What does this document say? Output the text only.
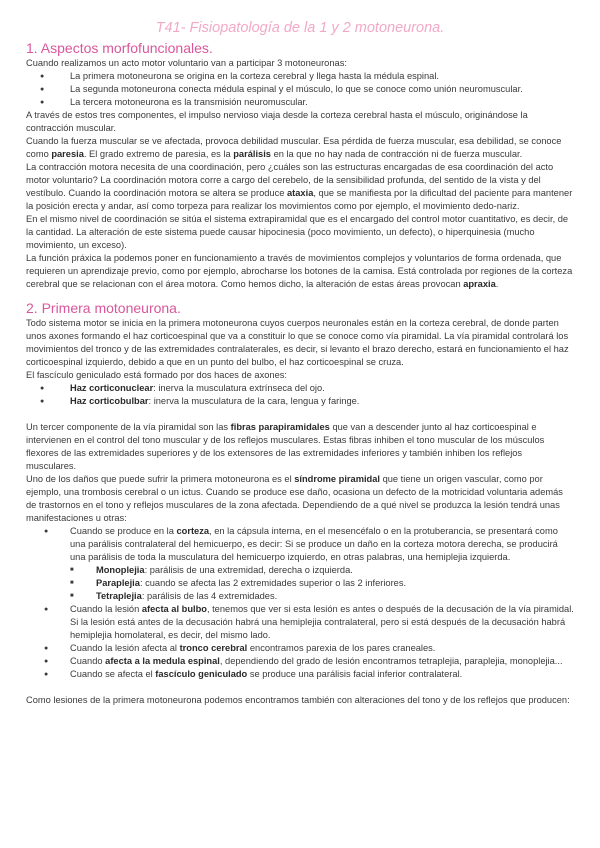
T41- Fisiopatología de la 1 y 2 motoneurona.
1. Aspectos morfofuncionales.

Cuando realizamos un acto motor voluntario van a participar 3 motoneuronas:

● La primera motoneurona se origina en la corteza cerebral y llega hasta la médula espinal.
● La segunda motoneurona conecta médula espinal y el músculo, lo que se conoce como unión neuromuscular.
● La tercera motoneurona es la transmisión neuromuscular.

A través de estos tres componentes, el impulso nervioso viaja desde la corteza cerebral hasta el músculo, originándose la contracción muscular.

Cuando la fuerza muscular se ve afectada, provoca debilidad muscular. Esa pérdida de fuerza muscular, esa debilidad, se conoce como paresia. El grado extremo de paresia, es la parálisis en la que no hay nada de contracción ni de fuerza muscular.

La contracción motora necesita de una coordinación, pero ¿cuáles son las estructuras encargadas de esa coordinación del acto motor voluntario? La coordinación motora corre a cargo del cerebelo, de la sensibilidad profunda, del sentido de la vista y del vestíbulo. Cuando la coordinación motora se altera se produce ataxia, que se manifiesta por la dificultad del paciente para mantener la posición erecta y andar, así como torpeza para realizar los movimientos como por ejemplo, el movimiento dedo-nariz.

En el mismo nivel de coordinación se sitúa el sistema extrapiramidal que es el encargado del control motor cuantitativo, es decir, de la cantidad. La alteración de este sistema puede causar hipocinesia (poco movimiento, un defecto), o hiperquinesia (mucho movimiento, un exceso).

La función práxica la podemos poner en funcionamiento a través de movimientos complejos y voluntarios de forma ordenada, que requieren un aprendizaje previo, como por ejemplo, abrocharse los botones de la camisa. Está controlada por regiones de la corteza cerebral que se relacionan con el área motora. Como hemos dicho, la alteración de estas áreas provocan apraxia.

2. Primera motoneurona.

Todo sistema motor se inicia en la primera motoneurona cuyos cuerpos neuronales están en la corteza cerebral, de donde parten unos axones formando el haz corticoespinal que va a constituir lo que se conoce como vía piramidal. La vía piramidal controlará los movimientos del tronco y de las extremidades contralaterales, es decir, si levanto el brazo derecho, estará en funcionamiento el haz corticoespinal izquierdo, debido a que en un punto del bulbo, el haz corticoespinal se cruza.

El fascículo geniculado está formado por dos haces de axones:

● Haz corticonuclear: inerva la musculatura extrínseca del ojo.
● Haz corticobulbar: inerva la musculatura de la cara, lengua y faringe.

Un tercer componente de la vía piramidal son las fibras parapiramidales que van a descender junto al haz corticoespinal e intervienen en el control del tono muscular y de los reflejos musculares. Estas fibras inhiben el tono muscular de los músculos flexores de las extremidades superiores y de los extensores de las extremidades inferiores y también inhiben los reflejos musculares.

Uno de los daños que puede sufrir la primera motoneurona es el síndrome piramidal que tiene un origen vascular, como por ejemplo, una trombosis cerebral o un ictus. Cuando se produce ese daño, ocasiona un defecto de la motricidad voluntaria además de trastornos en el tono y reflejos musculares de la zona afectada. Dependiendo de a qué nivel se produzca la lesión tendrá unas manifestaciones u otras:

● Cuando se produce en la corteza, en la cápsula interna, en el mesencéfalo o en la protuberancia, se presentará como una parálisis contralateral del hemicuerpo, es decir: Si se produce un daño en la corteza motora derecha, se producirá una parálisis de toda la musculatura del hemicuerpo izquierdo, en otras palabras, una hemiplejia izquierda.
■ Monoplejia: parálisis de una extremidad, derecha o izquierda.
■ Paraplejia: cuando se afecta las 2 extremidades superior o las 2 inferiores.
■ Tetraplejia: parálisis de las 4 extremidades.
● Cuando la lesión afecta al bulbo, tenemos que ver si esta lesión es antes o después de la decusación de la vía piramidal. Si la lesión está antes de la decusación habrá una hemiplejia contralateral, pero si está después de la decusación habrá hemiplejia homolateral, es decir, del mismo lado.
● Cuando la lesión afecta al tronco cerebral encontramos parexia de los pares craneales.
● Cuando afecta a la medula espinal, dependiendo del grado de lesión encontramos tetraplejia, paraplejia, monoplejia...
● Cuando se afecta el fascículo geniculado se produce una parálisis facial inferior contralateral.

Como lesiones de la primera motoneurona podemos encontramos también con alteraciones del tono y de los reflejos que producen:
